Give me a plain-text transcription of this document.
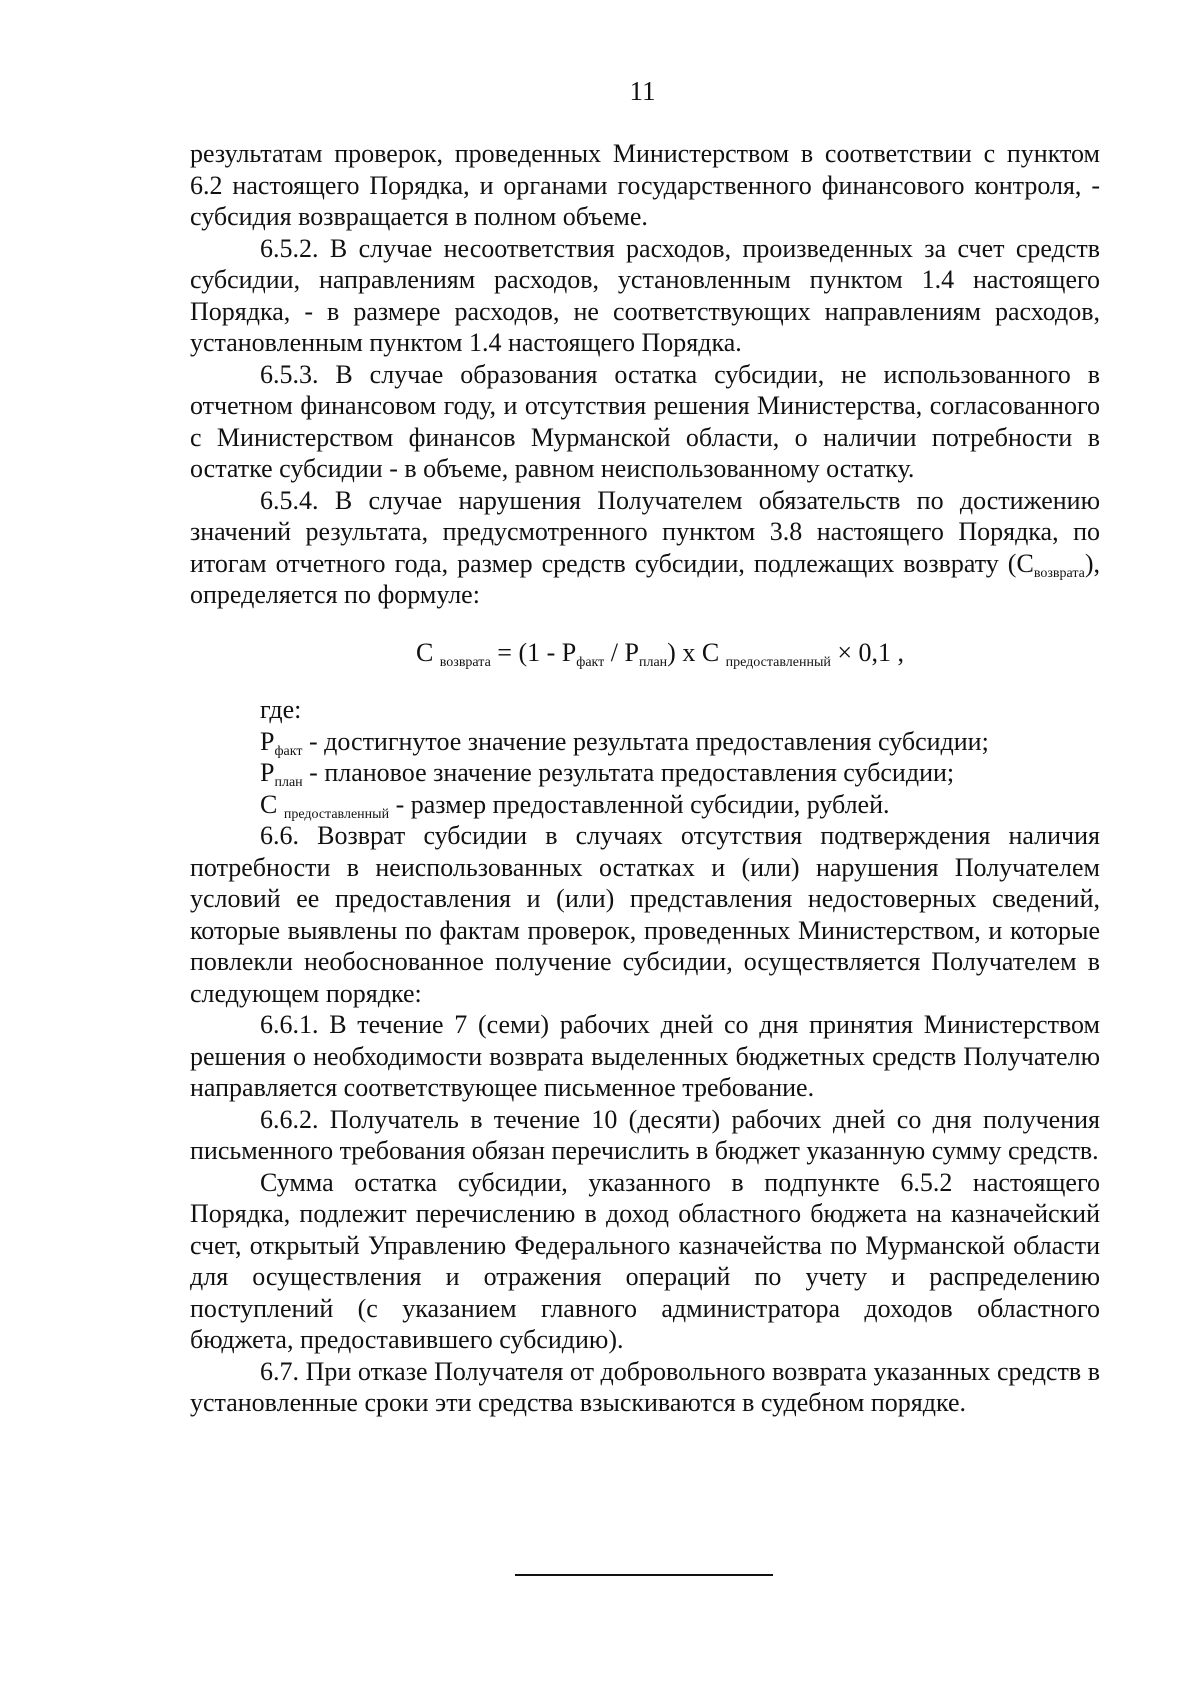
11

результатам проверок, проведенных Министерством в соответствии с пунктом 6.2 настоящего Порядка, и органами государственного финансового контроля, - субсидия возвращается в полном объеме.

6.5.2. В случае несоответствия расходов, произведенных за счет средств субсидии, направлениям расходов, установленным пунктом 1.4 настоящего Порядка, - в размере расходов, не соответствующих направлениям расходов, установленным пунктом 1.4 настоящего Порядка.

6.5.3. В случае образования остатка субсидии, не использованного в отчетном финансовом году, и отсутствия решения Министерства, согласованного с Министерством финансов Мурманской области, о наличии потребности в остатке субсидии - в объеме, равном неиспользованному остатку.

6.5.4. В случае нарушения Получателем обязательств по достижению значений результата, предусмотренного пунктом 3.8 настоящего Порядка, по итогам отчетного года, размер средств субсидии, подлежащих возврату $(С_{возврата})$, определяется по формуле:

С $_{возврата} = (1 - Р_{факт} / Р_{план})$ x С $_{предоставленный}$ × 0,1 ,

где:

$Р_{факт}$ - достигнутое значение результата предоставления субсидии;

$Р_{план}$ - плановое значение результата предоставления субсидии;

С $_{предоставленный}$ - размер предоставленной субсидии, рублей.

6.6. Возврат субсидии в случаях отсутствия подтверждения наличия потребности в неиспользованных остатках и (или) нарушения Получателем условий ее предоставления и (или) представления недостоверных сведений, которые выявлены по фактам проверок, проведенных Министерством, и которые повлекли необоснованное получение субсидии, осуществляется Получателем в следующем порядке:

6.6.1. В течение 7 (семи) рабочих дней со дня принятия Министерством решения о необходимости возврата выделенных бюджетных средств Получателю направляется соответствующее письменное требование.

6.6.2. Получатель в течение 10 (десяти) рабочих дней со дня получения письменного требования обязан перечислить в бюджет указанную сумму средств.

Сумма остатка субсидии, указанного в подпункте 6.5.2 настоящего Порядка, подлежит перечислению в доход областного бюджета на казначейский счет, открытый Управлению Федерального казначейства по Мурманской области для осуществления и отражения операций по учету и распределению поступлений (с указанием главного администратора доходов областного бюджета, предоставившего субсидию).

6.7. При отказе Получателя от добровольного возврата указанных средств в установленные сроки эти средства взыскиваются в судебном порядке.
